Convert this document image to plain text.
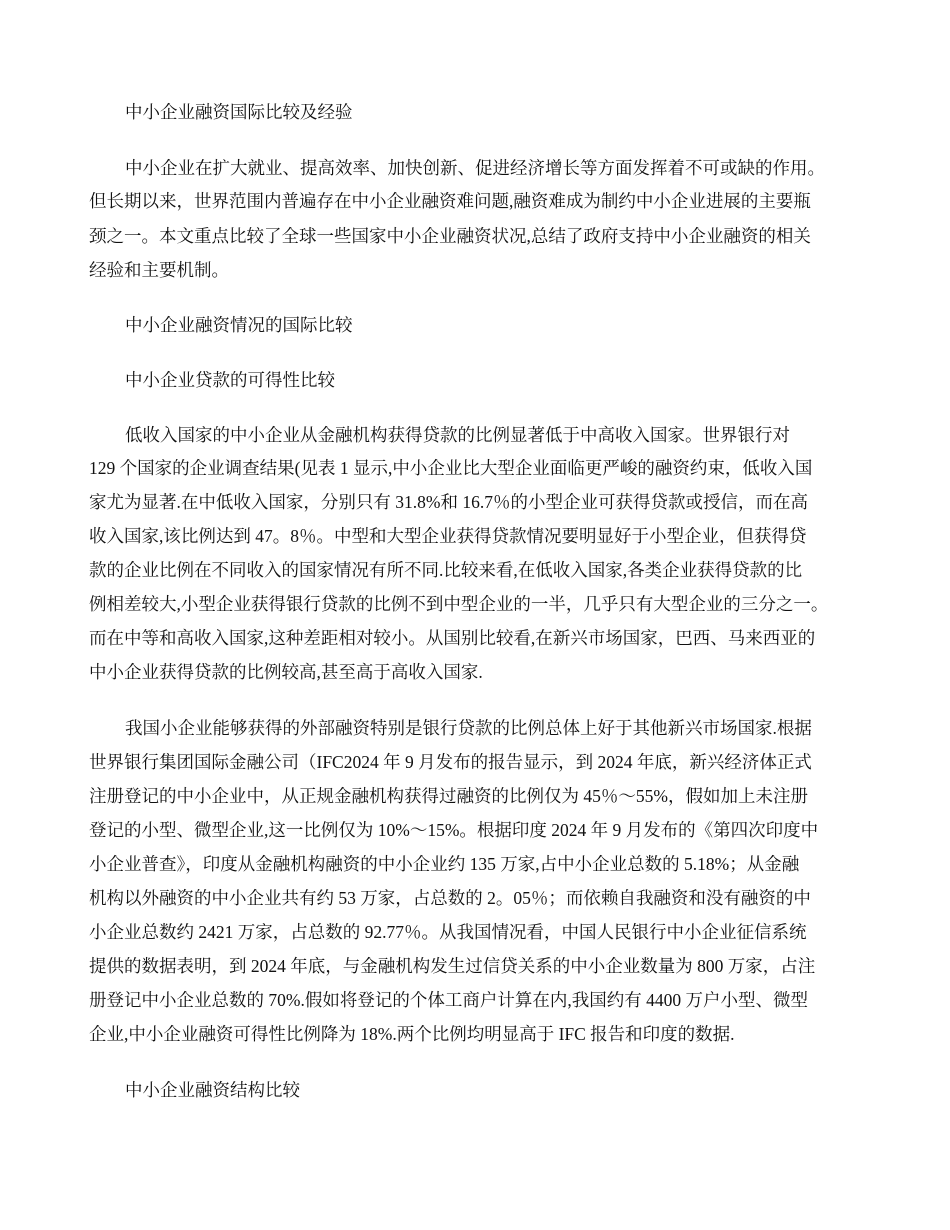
中小企业融资国际比较及经验

中小企业在扩大就业、提高效率、加快创新、促进经济增长等方面发挥着不可或缺的作用。

但长期以来，世界范围内普遍存在中小企业融资难问题,融资难成为制约中小企业进展的主要瓶

颈之一。本文重点比较了全球一些国家中小企业融资状况,总结了政府支持中小企业融资的相关

经验和主要机制。

中小企业融资情况的国际比较

中小企业贷款的可得性比较

低收入国家的中小企业从金融机构获得贷款的比例显著低于中高收入国家。世界银行对

129 个国家的企业调查结果(见表 1 显示,中小企业比大型企业面临更严峻的融资约束，低收入国

家尤为显著.在中低收入国家，分别只有 31.8%和 16.7％的小型企业可获得贷款或授信，而在高

收入国家,该比例达到 47。8％。中型和大型企业获得贷款情况要明显好于小型企业，但获得贷

款的企业比例在不同收入的国家情况有所不同.比较来看,在低收入国家,各类企业获得贷款的比

例相差较大,小型企业获得银行贷款的比例不到中型企业的一半，几乎只有大型企业的三分之一。

而在中等和高收入国家,这种差距相对较小。从国别比较看,在新兴市场国家，巴西、马来西亚的

中小企业获得贷款的比例较高,甚至高于高收入国家.

我国小企业能够获得的外部融资特别是银行贷款的比例总体上好于其他新兴市场国家.根据

世界银行集团国际金融公司（IFC2024 年 9 月发布的报告显示，到 2024 年底，新兴经济体正式

注册登记的中小企业中，从正规金融机构获得过融资的比例仅为 45％～55%，假如加上未注册

登记的小型、微型企业,这一比例仅为 10%～15%。根据印度 2024 年 9 月发布的《第四次印度中

小企业普查》，印度从金融机构融资的中小企业约 135 万家,占中小企业总数的 5.18%；从金融

机构以外融资的中小企业共有约 53 万家，占总数的 2。05％；而依赖自我融资和没有融资的中

小企业总数约 2421 万家，占总数的 92.77％。从我国情况看，中国人民银行中小企业征信系统

提供的数据表明，到 2024 年底，与金融机构发生过信贷关系的中小企业数量为 800 万家，占注

册登记中小企业总数的 70%.假如将登记的个体工商户计算在内,我国约有 4400 万户小型、微型

企业,中小企业融资可得性比例降为 18%.两个比例均明显高于 IFC 报告和印度的数据.

中小企业融资结构比较
